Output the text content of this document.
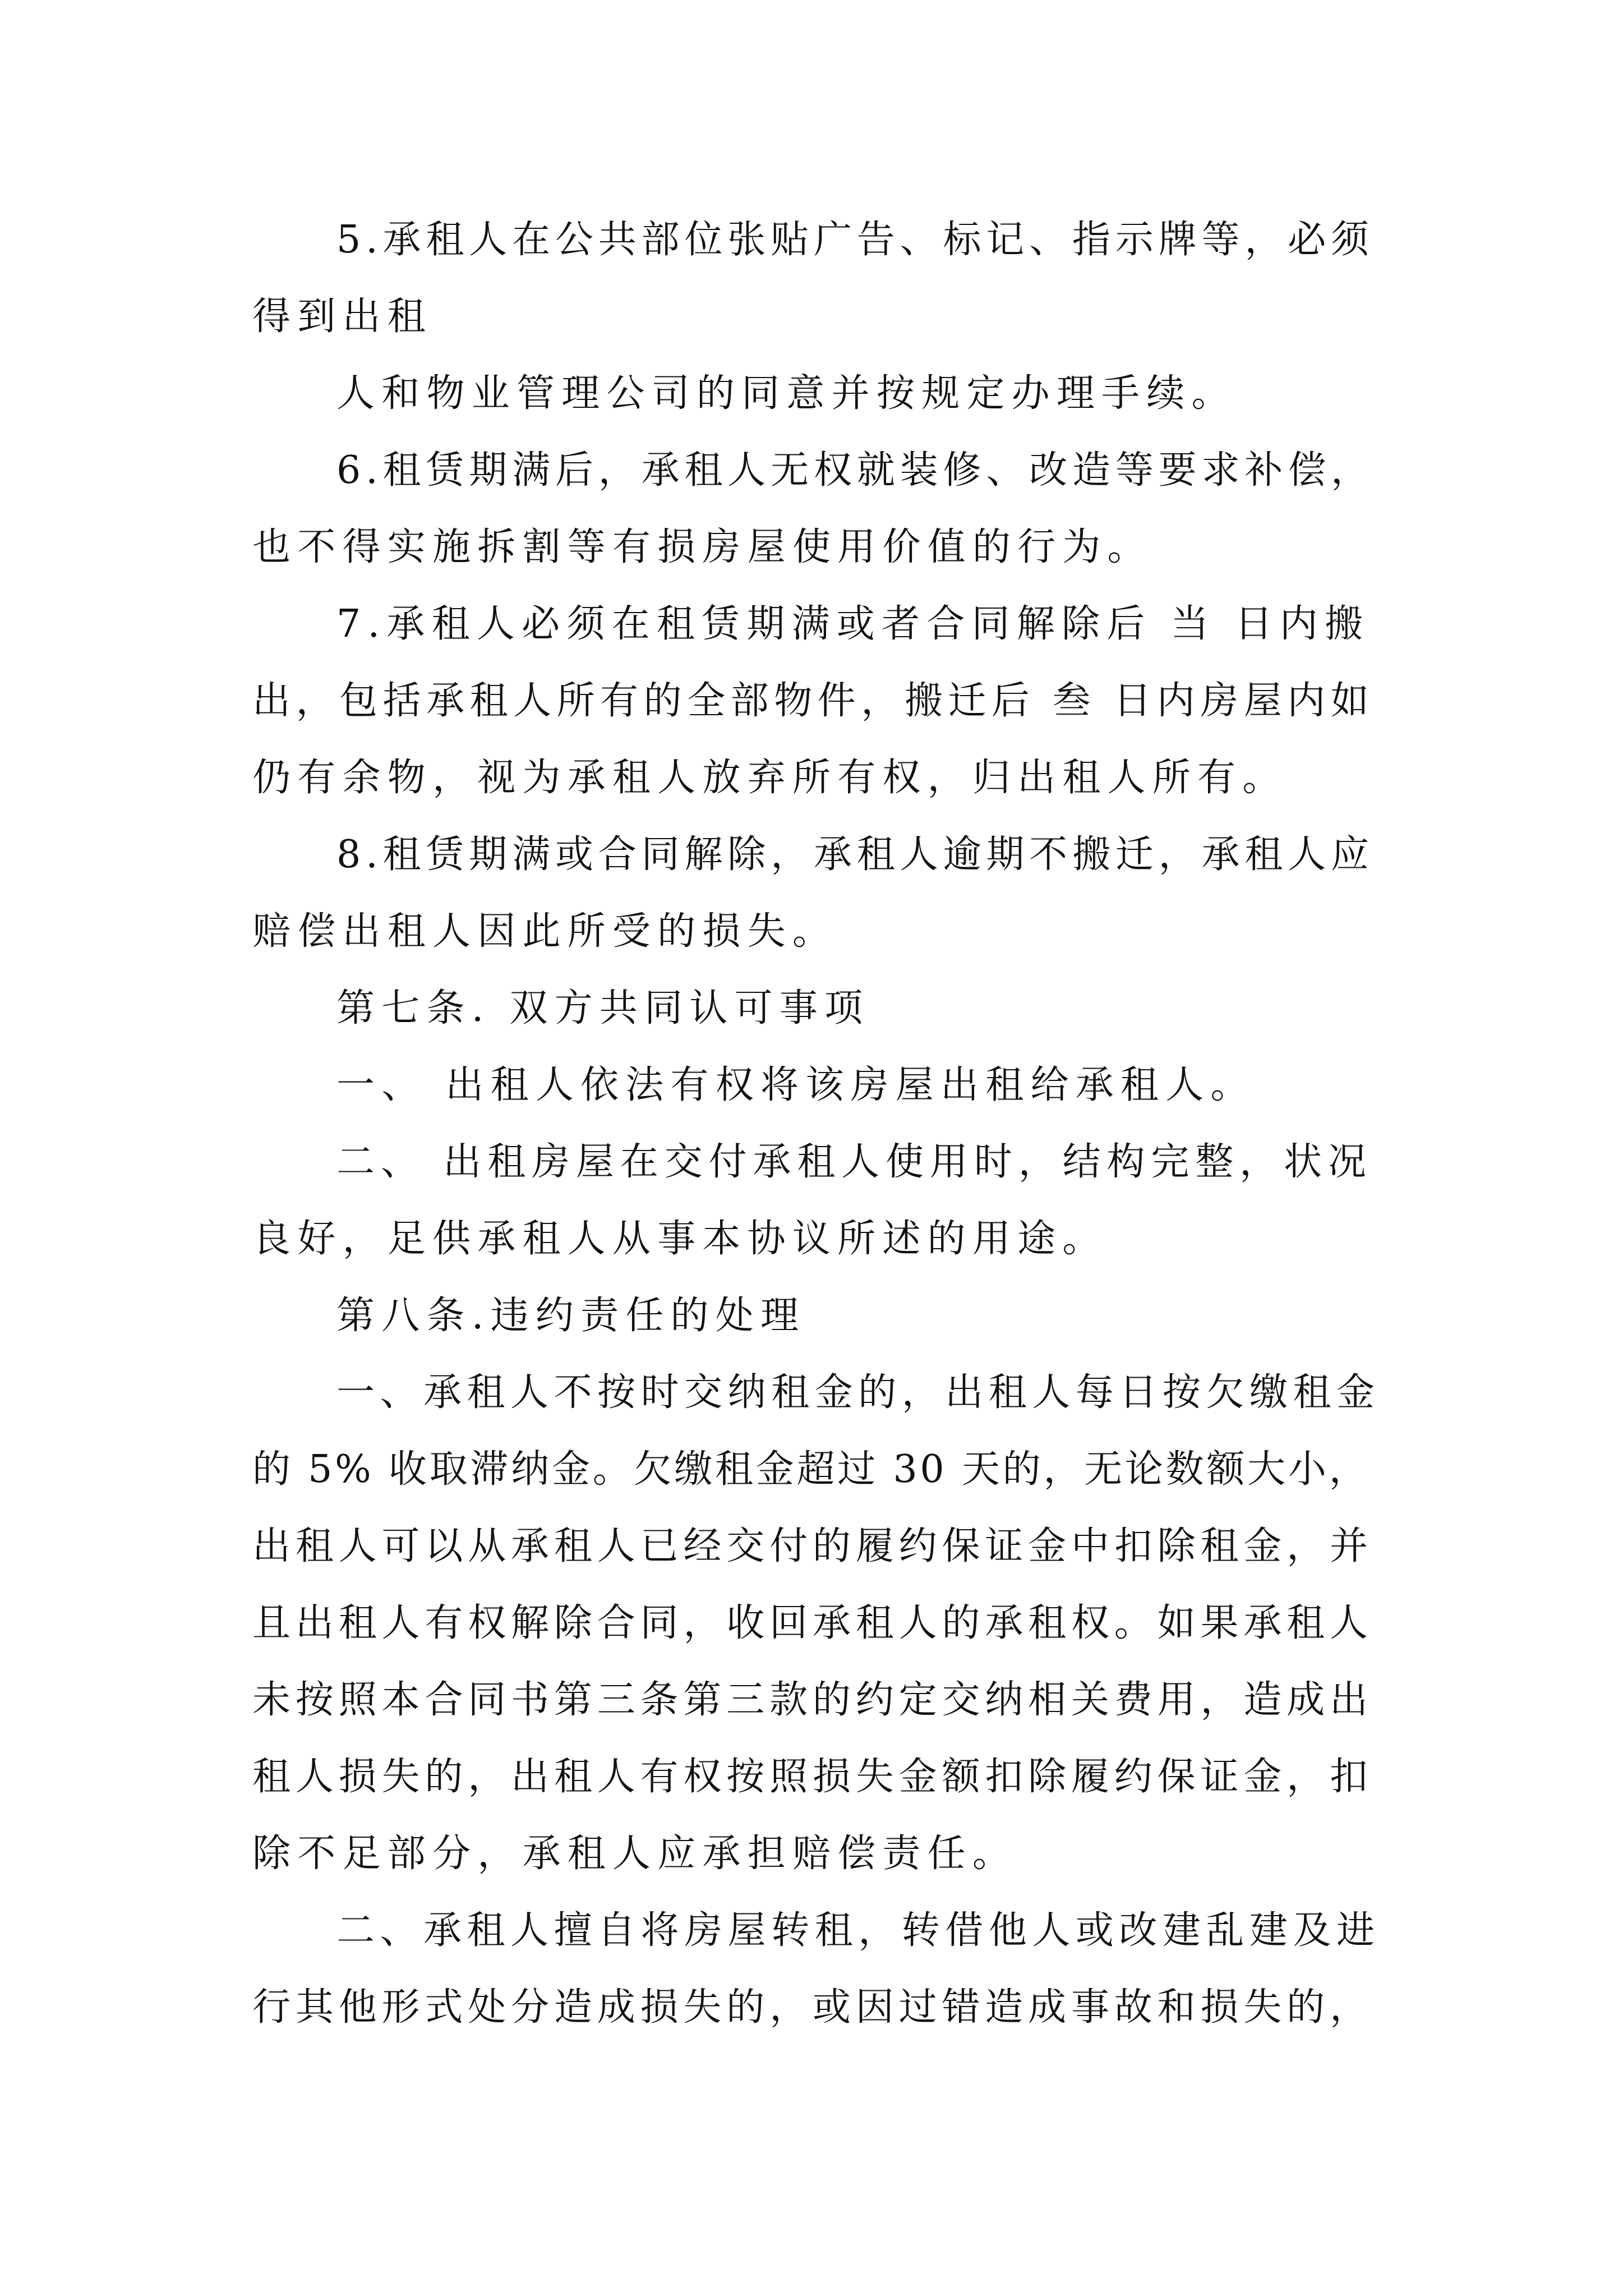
5.承租人在公共部位张贴广告、标记、指示牌等，必须
得到出租
人和物业管理公司的同意并按规定办理手续。
6.租赁期满后，承租人无权就装修、改造等要求补偿，
也不得实施拆割等有损房屋使用价值的行为。
7.承租人必须在租赁期满或者合同解除后 当 日内搬
出，包括承租人所有的全部物件，搬迁后 叁 日内房屋内如
仍有余物，视为承租人放弃所有权，归出租人所有。
8.租赁期满或合同解除，承租人逾期不搬迁，承租人应
赔偿出租人因此所受的损失。
第七条. 双方共同认可事项
一、 出租人依法有权将该房屋出租给承租人。
二、 出租房屋在交付承租人使用时，结构完整，状况
良好，足供承租人从事本协议所述的用途。
第八条.违约责任的处理
一、承租人不按时交纳租金的，出租人每日按欠缴租金
的 5% 收取滞纳金。欠缴租金超过 30 天的，无论数额大小，
出租人可以从承租人已经交付的履约保证金中扣除租金，并
且出租人有权解除合同，收回承租人的承租权。如果承租人
未按照本合同书第三条第三款的约定交纳相关费用，造成出
租人损失的，出租人有权按照损失金额扣除履约保证金，扣
除不足部分，承租人应承担赔偿责任。
二、承租人擅自将房屋转租，转借他人或改建乱建及进
行其他形式处分造成损失的，或因过错造成事故和损失的，
